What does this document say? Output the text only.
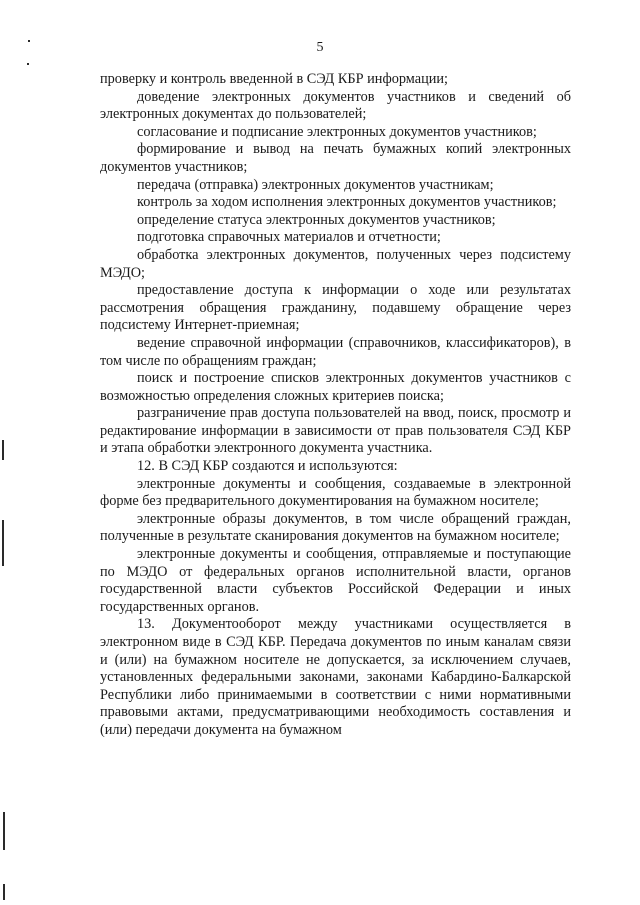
5

проверку и контроль введенной в СЭД КБР информации;

доведение электронных документов участников и сведений об электронных документах до пользователей;

согласование и подписание электронных документов участников;

формирование и вывод на печать бумажных копий электронных документов участников;

передача (отправка) электронных документов участникам;

контроль за ходом исполнения электронных документов участников;

определение статуса электронных документов участников;

подготовка справочных материалов и отчетности;

обработка электронных документов, полученных через подсистему МЭДО;

предоставление доступа к информации о ходе или результатах рассмотрения обращения гражданину, подавшему обращение через подсистему Интернет-приемная;

ведение справочной информации (справочников, классификаторов), в том числе по обращениям граждан;

поиск и построение списков электронных документов участников с возможностью определения сложных критериев поиска;

разграничение прав доступа пользователей на ввод, поиск, просмотр и редактирование информации в зависимости от прав пользователя СЭД КБР и этапа обработки электронного документа участника.

12. В СЭД КБР создаются и используются:

электронные документы и сообщения, создаваемые в электронной форме без предварительного документирования на бумажном носителе;

электронные образы документов, в том числе обращений граждан, полученные в результате сканирования документов на бумажном носителе;

электронные документы и сообщения, отправляемые и поступающие по МЭДО от федеральных органов исполнительной власти, органов государственной власти субъектов Российской Федерации и иных государственных органов.

13. Документооборот между участниками осуществляется в электронном виде в СЭД КБР. Передача документов по иным каналам связи и (или) на бумажном носителе не допускается, за исключением случаев, установленных федеральными законами, законами Кабардино-Балкарской Республики либо принимаемыми в соответствии с ними нормативными правовыми актами, предусматривающими необходимость составления и (или) передачи документа на бумажном
